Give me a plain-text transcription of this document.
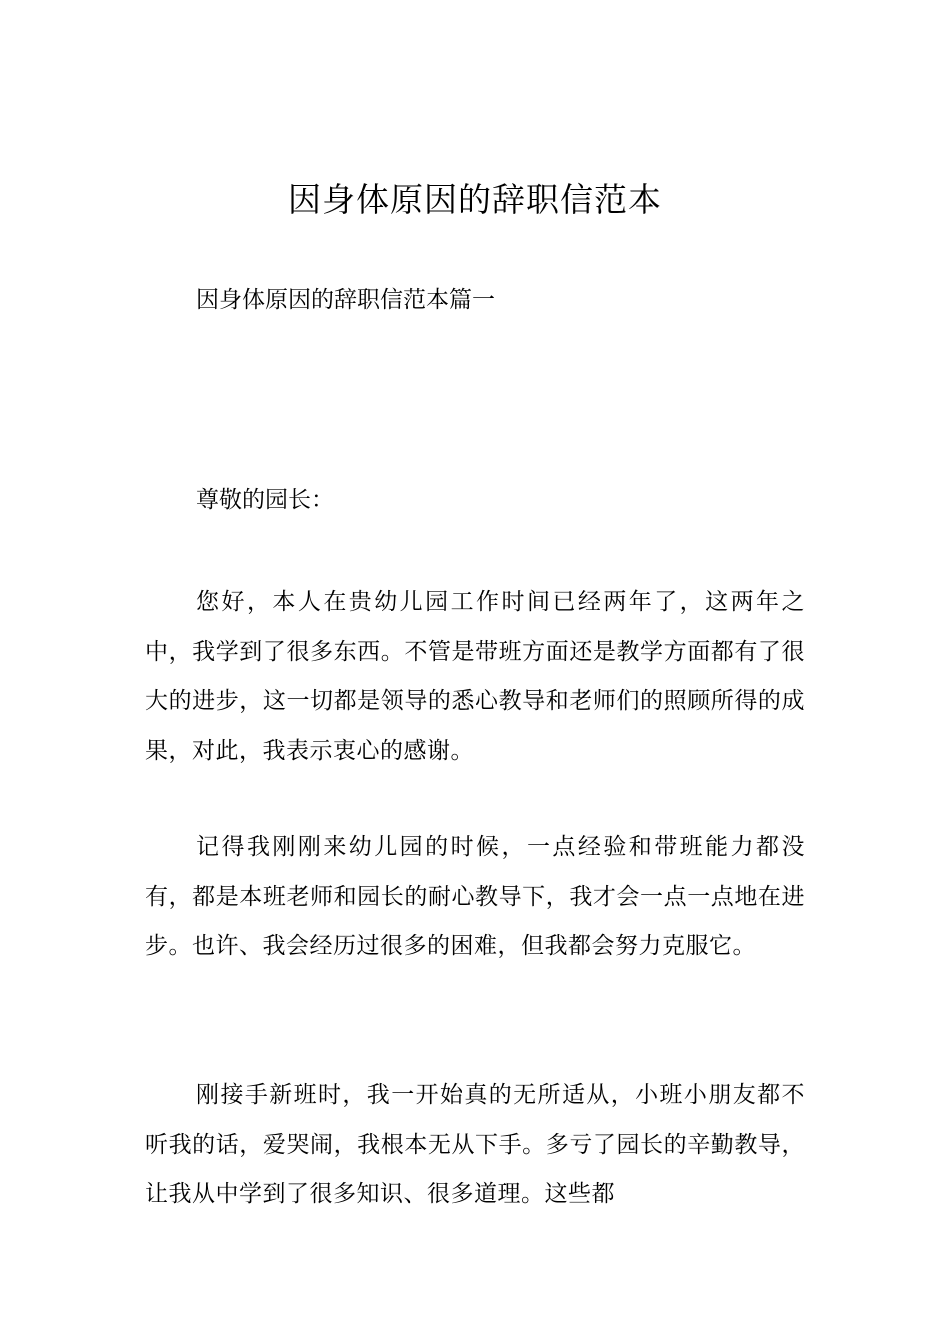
因身体原因的辞职信范本

因身体原因的辞职信范本篇一

尊敬的园长：

您好，本人在贵幼儿园工作时间已经两年了，这两年之中，我学到了很多东西。不管是带班方面还是教学方面都有了很大的进步，这一切都是领导的悉心教导和老师们的照顾所得的成果，对此，我表示衷心的感谢。

记得我刚刚来幼儿园的时候，一点经验和带班能力都没有，都是本班老师和园长的耐心教导下，我才会一点一点地在进步。也许、我会经历过很多的困难，但我都会努力克服它。

刚接手新班时，我一开始真的无所适从，小班小朋友都不听我的话，爱哭闹，我根本无从下手。多亏了园长的辛勤教导，让我从中学到了很多知识、很多道理。这些都
